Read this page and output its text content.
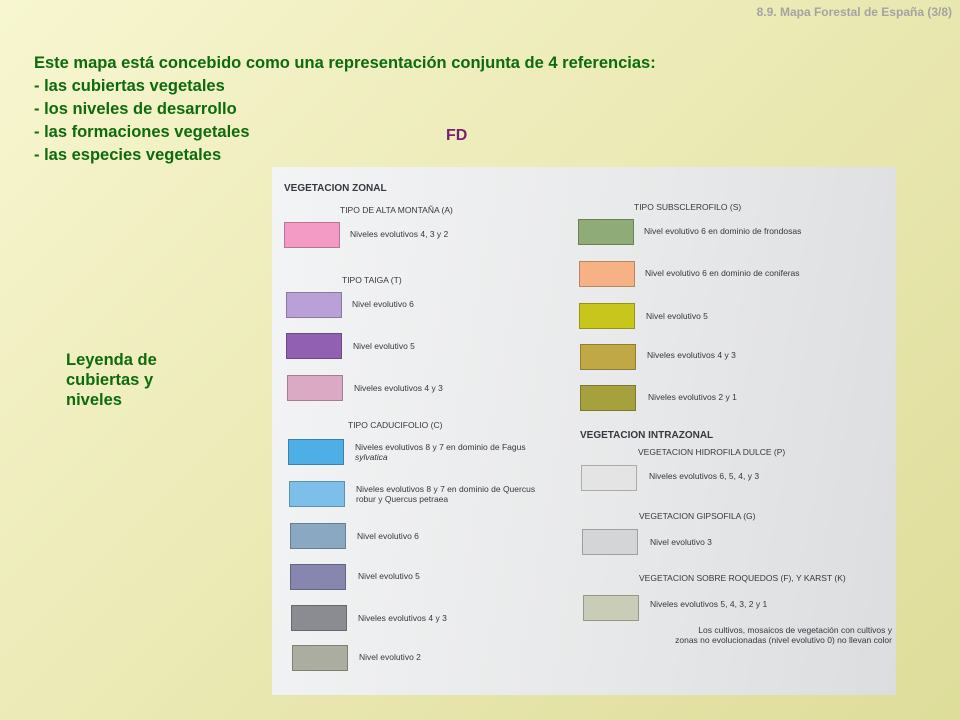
8.9. Mapa Forestal de España (3/8)
Este mapa está concebido como una representación conjunta de 4 referencias:
- las cubiertas vegetales
- los niveles de desarrollo
- las formaciones vegetales
- las especies vegetales
FD
Leyenda de
cubiertas y
niveles
VEGETACION ZONAL
TIPO DE ALTA MONTAÑA (A)
Niveles evolutivos 4, 3 y 2
TIPO TAIGA (T)
Nivel evolutivo 6
Nivel evolutivo 5
Niveles evolutivos 4 y 3
TIPO CADUCIFOLIO (C)
Niveles evolutivos 8 y 7 en dominio de Fagus
sylvatica
Niveles evolutivos 8 y 7 en dominio de Quercus
robur y Quercus petraea
Nivel evolutivo 6
Nivel evolutivo 5
Niveles evolutivos 4 y 3
Nivel evolutivo 2
TIPO SUBSCLEROFILO (S)
Nivel evolutivo 6 en dominio de frondosas
Nivel evolutivo 6 en dominio de coniferas
Nivel evolutivo 5
Niveles evolutivos 4 y 3
Niveles evolutivos 2 y 1
VEGETACION INTRAZONAL
VEGETACION HIDROFILA DULCE (P)
Niveles evolutivos 6, 5, 4, y 3
VEGETACION GIPSOFILA (G)
Nivel evolutivo 3
VEGETACION SOBRE ROQUEDOS (F), Y KARST (K)
Niveles evolutivos 5, 4, 3, 2 y 1
Los cultivos, mosaicos de vegetación con cultivos y
zonas no evolucionadas (nivel evolutivo 0) no llevan color
